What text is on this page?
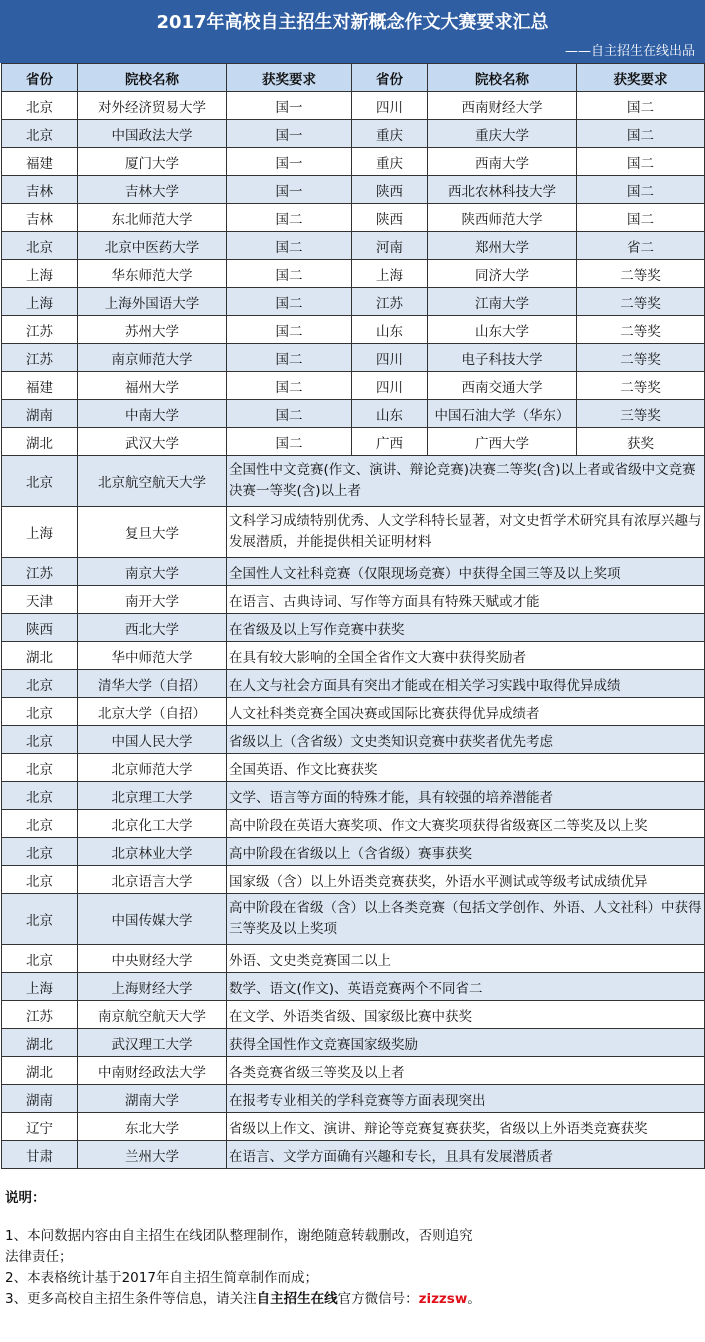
2017年高校自主招生对新概念作文大赛要求汇总
——自主招生在线出品
省份	院校名称	获奖要求	省份	院校名称	获奖要求
北京	对外经济贸易大学	国一	四川	西南财经大学	国二
北京	中国政法大学	国一	重庆	重庆大学	国二
福建	厦门大学	国一	重庆	西南大学	国二
吉林	吉林大学	国一	陕西	西北农林科技大学	国二
吉林	东北师范大学	国二	陕西	陕西师范大学	国二
北京	北京中医药大学	国二	河南	郑州大学	省二
上海	华东师范大学	国二	上海	同济大学	二等奖
上海	上海外国语大学	国二	江苏	江南大学	二等奖
江苏	苏州大学	国二	山东	山东大学	二等奖
江苏	南京师范大学	国二	四川	电子科技大学	二等奖
福建	福州大学	国二	四川	西南交通大学	二等奖
湖南	中南大学	国二	山东	中国石油大学（华东）	三等奖
湖北	武汉大学	国二	广西	广西大学	获奖
北京	北京航空航天大学	全国性中文竞赛(作文、演讲、辩论竞赛)决赛二等奖(含)以上者或省级中文竞赛决赛一等奖(含)以上者			
上海	复旦大学	文科学习成绩特别优秀、人文学科特长显著，对文史哲学术研究具有浓厚兴趣与发展潜质，并能提供相关证明材料			
江苏	南京大学	全国性人文社科竞赛（仅限现场竞赛）中获得全国三等及以上奖项			
天津	南开大学	在语言、古典诗词、写作等方面具有特殊天赋或才能			
陕西	西北大学	在省级及以上写作竞赛中获奖			
湖北	华中师范大学	在具有较大影响的全国全省作文大赛中获得奖励者			
北京	清华大学（自招）	在人文与社会方面具有突出才能或在相关学习实践中取得优异成绩			
北京	北京大学（自招）	人文社科类竞赛全国决赛或国际比赛获得优异成绩者			
北京	中国人民大学	省级以上（含省级）文史类知识竞赛中获奖者优先考虑			
北京	北京师范大学	全国英语、作文比赛获奖			
北京	北京理工大学	文学、语言等方面的特殊才能，具有较强的培养潜能者			
北京	北京化工大学	高中阶段在英语大赛奖项、作文大赛奖项获得省级赛区二等奖及以上奖			
北京	北京林业大学	高中阶段在省级以上（含省级）赛事获奖			
北京	北京语言大学	国家级（含）以上外语类竞赛获奖，外语水平测试或等级考试成绩优异			
北京	中国传媒大学	高中阶段在省级（含）以上各类竞赛（包括文学创作、外语、人文社科）中获得三等奖及以上奖项			
北京	中央财经大学	外语、文史类竞赛国二以上			
上海	上海财经大学	数学、语文(作文)、英语竞赛两个不同省二			
江苏	南京航空航天大学	在文学、外语类省级、国家级比赛中获奖			
湖北	武汉理工大学	获得全国性作文竞赛国家级奖励			
湖北	中南财经政法大学	各类竞赛省级三等奖及以上者			
湖南	湖南大学	在报考专业相关的学科竞赛等方面表现突出			
辽宁	东北大学	省级以上作文、演讲、辩论等竞赛复赛获奖，省级以上外语类竞赛获奖			
甘肃	兰州大学	在语言、文学方面确有兴趣和专长，且具有发展潜质者			
说明：
1、本问数据内容由自主招生在线团队整理制作，谢绝随意转载删改，否则追究
法律责任；
2、本表格统计基于2017年自主招生简章制作而成；
3、更多高校自主招生条件等信息，请关注自主招生在线官方微信号：zizzsw。
